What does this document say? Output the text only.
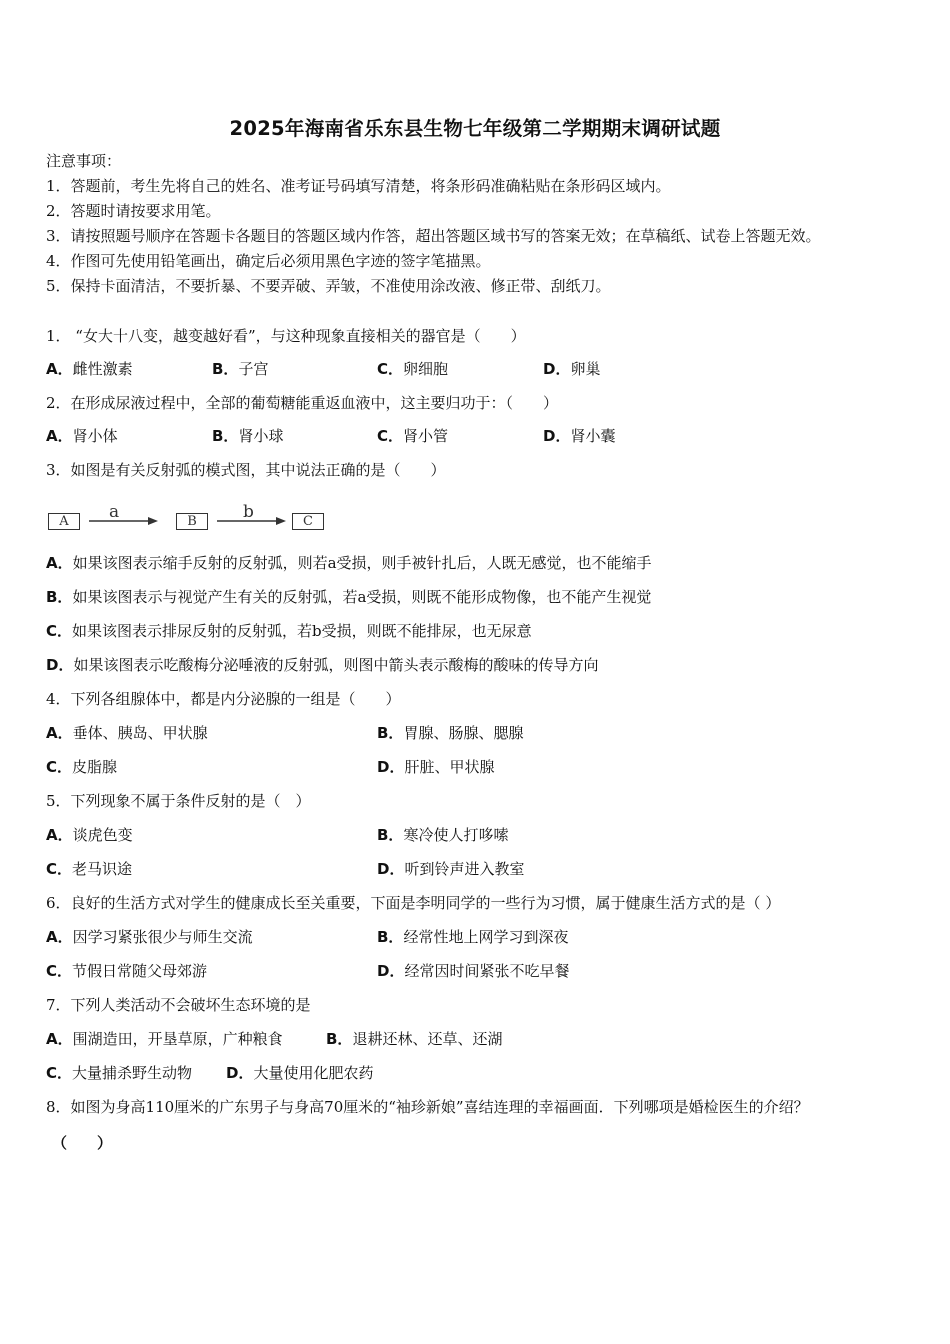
2025年海南省乐东县生物七年级第二学期期末调研试题
注意事项：
1．答题前，考生先将自己的姓名、准考证号码填写清楚，将条形码准确粘贴在条形码区域内。
2．答题时请按要求用笔。
3．请按照题号顺序在答题卡各题目的答题区域内作答，超出答题区域书写的答案无效；在草稿纸、试卷上答题无效。
4．作图可先使用铅笔画出，确定后必须用黑色字迹的签字笔描黑。
5．保持卡面清洁，不要折暴、不要弄破、弄皱，不准使用涂改液、修正带、刮纸刀。
1． “女大十八变，越变越好看”，与这种现象直接相关的器官是（　　）
A．雌性激素	B．子宫	C．卵细胞	D．卵巢
2．在形成尿液过程中，全部的葡萄糖能重返血液中，这主要归功于：（　　）
A．肾小体	B．肾小球	C．肾小管	D．肾小囊
3．如图是有关反射弧的模式图，其中说法正确的是（　　）
A	a	B	b	C
A．如果该图表示缩手反射的反射弧，则若a受损，则手被针扎后，人既无感觉，也不能缩手
B．如果该图表示与视觉产生有关的反射弧，若a受损，则既不能形成物像，也不能产生视觉
C．如果该图表示排尿反射的反射弧，若b受损，则既不能排尿，也无尿意
D．如果该图表示吃酸梅分泌唾液的反射弧，则图中箭头表示酸梅的酸味的传导方向
4．下列各组腺体中，都是内分泌腺的一组是（　　）
A．垂体、胰岛、甲状腺	B．胃腺、肠腺、腮腺
C．皮脂腺	D．肝脏、甲状腺
5．下列现象不属于条件反射的是（　）
A．谈虎色变	B．寒冷使人打哆嗦
C．老马识途	D．听到铃声进入教室
6．良好的生活方式对学生的健康成长至关重要，下面是李明同学的一些行为习惯，属于健康生活方式的是（ ）
A．因学习紧张很少与师生交流	B．经常性地上网学习到深夜
C．节假日常随父母郊游	D．经常因时间紧张不吃早餐
7．下列人类活动不会破坏生态环境的是
A．围湖造田，开垦草原，广种粮食	B．退耕还林、还草、还湖
C．大量捕杀野生动物 D．大量使用化肥农药
8．如图为身高110厘米的广东男子与身高70厘米的“袖珍新娘”喜结连理的幸福画面．下列哪项是婚检医生的介绍？
（　　）
